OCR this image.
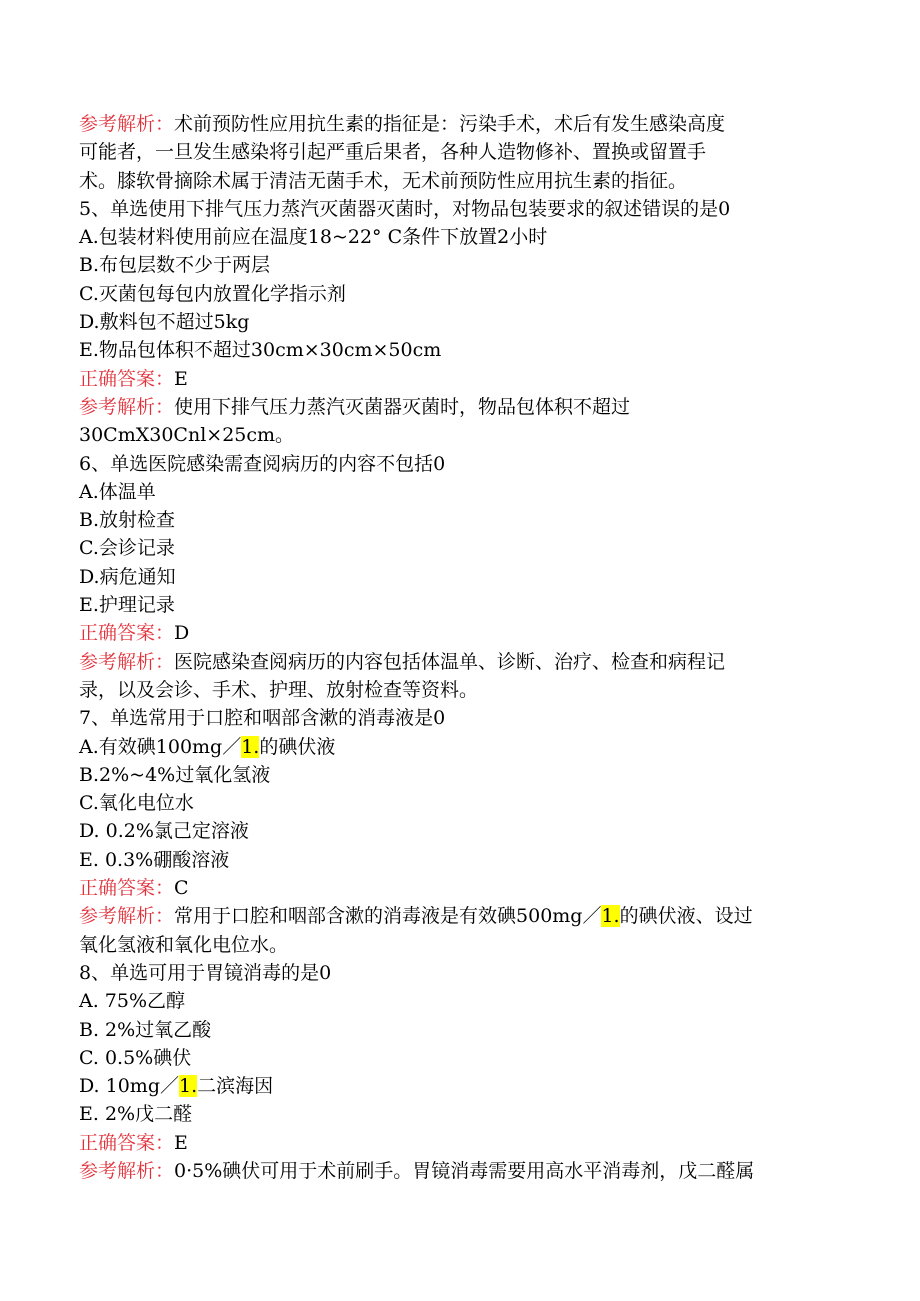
参考解析：术前预防性应用抗生素的指征是：污染手术，术后有发生感染高度
可能者，一旦发生感染将引起严重后果者，各种人造物修补、置换或留置手
术。膝软骨摘除术属于清洁无菌手术，无术前预防性应用抗生素的指征。
5、单选使用下排气压力蒸汽灭菌器灭菌时，对物品包装要求的叙述错误的是0
A.包装材料使用前应在温度18~22° C条件下放置2小时
B.布包层数不少于两层
C.灭菌包每包内放置化学指示剂
D.敷料包不超过5kg
E.物品包体积不超过30cm×30cm×50cm
正确答案：E
参考解析：使用下排气压力蒸汽灭菌器灭菌时，物品包体积不超过
30CmX30Cnl×25cm。
6、单选医院感染需查阅病历的内容不包括0
A.体温单
B.放射检查
C.会诊记录
D.病危通知
E.护理记录
正确答案：D
参考解析：医院感染查阅病历的内容包括体温单、诊断、治疗、检查和病程记
录，以及会诊、手术、护理、放射检查等资料。
7、单选常用于口腔和咽部含漱的消毒液是0
A.有效碘100mg／1.的碘伏液
B.2%~4%过氧化氢液
C.氧化电位水
D. 0.2%氯己定溶液
E. 0.3%硼酸溶液
正确答案：C
参考解析：常用于口腔和咽部含漱的消毒液是有效碘500mg／1.的碘伏液、设过
氧化氢液和氧化电位水。
8、单选可用于胃镜消毒的是0
A. 75%乙醇
B. 2%过氧乙酸
C. 0.5%碘伏
D. 10mg／1.二滨海因
E. 2%戊二醛
正确答案：E
参考解析：0·5%碘伏可用于术前刷手。胃镜消毒需要用高水平消毒剂，戊二醛属
